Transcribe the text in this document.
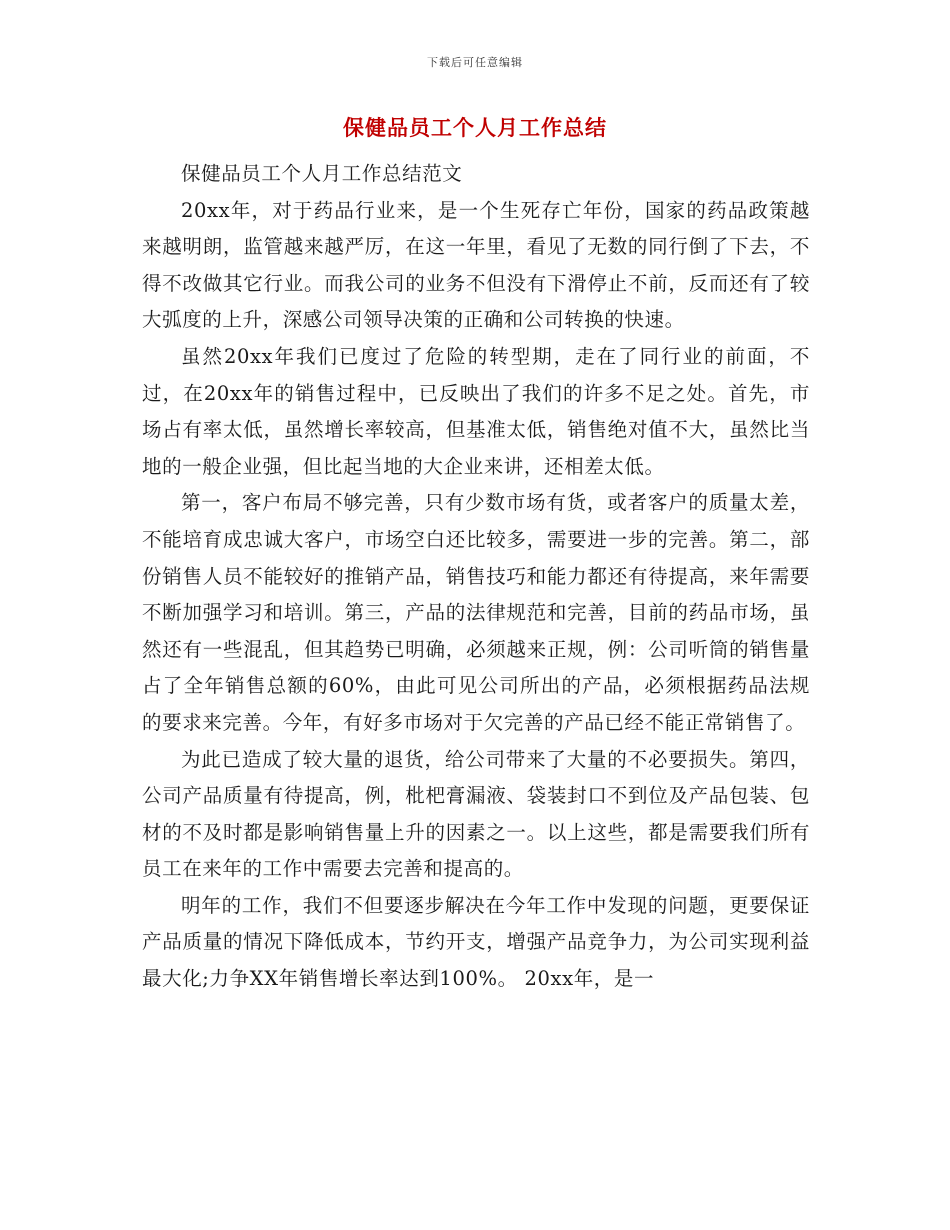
下载后可任意编辑
保健品员工个人月工作总结

保健品员工个人月工作总结范文

20xx年，对于药品行业来，是一个生死存亡年份，国家的药品政策越来越明朗，监管越来越严厉，在这一年里，看见了无数的同行倒了下去，不得不改做其它行业。而我公司的业务不但没有下滑停止不前，反而还有了较大弧度的上升，深感公司领导决策的正确和公司转换的快速。

虽然20xx年我们已度过了危险的转型期，走在了同行业的前面，不过，在20xx年的销售过程中，已反映出了我们的许多不足之处。首先，市场占有率太低，虽然增长率较高，但基准太低，销售绝对值不大，虽然比当地的一般企业强，但比起当地的大企业来讲，还相差太低。

第一，客户布局不够完善，只有少数市场有货，或者客户的质量太差，不能培育成忠诚大客户，市场空白还比较多，需要进一步的完善。第二，部份销售人员不能较好的推销产品，销售技巧和能力都还有待提高，来年需要不断加强学习和培训。第三，产品的法律规范和完善，目前的药品市场，虽然还有一些混乱，但其趋势已明确，必须越来正规，例：公司听筒的销售量占了全年销售总额的60%，由此可见公司所出的产品，必须根据药品法规的要求来完善。今年，有好多市场对于欠完善的产品已经不能正常销售了。

为此已造成了较大量的退货，给公司带来了大量的不必要损失。第四，公司产品质量有待提高，例，枇杷膏漏液、袋装封口不到位及产品包装、包材的不及时都是影响销售量上升的因素之一。以上这些，都是需要我们所有员工在来年的工作中需要去完善和提高的。

明年的工作，我们不但要逐步解决在今年工作中发现的问题，更要保证产品质量的情况下降低成本，节约开支，增强产品竞争力，为公司实现利益最大化;力争XX年销售增长率达到100%。 20xx年，是一
